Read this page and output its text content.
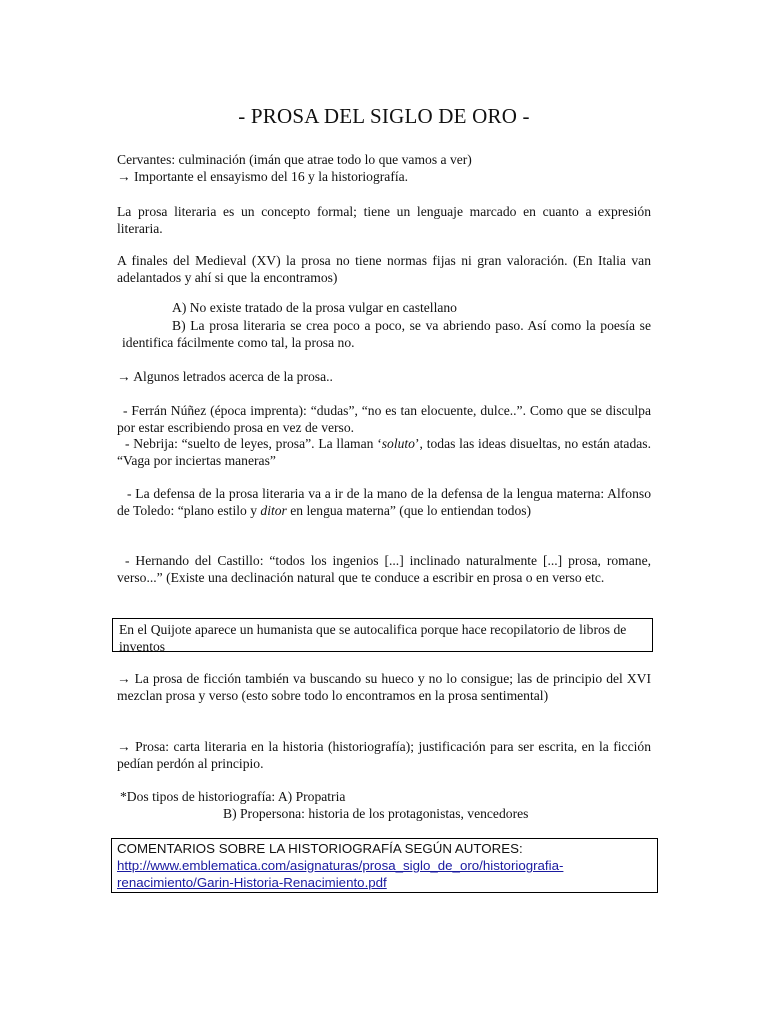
- PROSA DEL SIGLO DE ORO -
Cervantes: culminación (imán que atrae todo lo que vamos a ver)
→ Importante el ensayismo del 16 y la historiografía.
La prosa literaria es un concepto formal; tiene un lenguaje marcado en cuanto a expresión literaria.
A finales del Medieval (XV) la prosa no tiene normas fijas ni gran valoración. (En Italia van adelantados y ahí si que la encontramos)
A) No existe tratado de la prosa vulgar en castellano
B) La prosa literaria se crea poco a poco, se va abriendo paso. Así como la poesía se identifica fácilmente como tal, la prosa no.
→ Algunos letrados acerca de la prosa..
- Ferrán Núñez (época imprenta): “dudas”, “no es tan elocuente, dulce..”. Como que se disculpa por estar escribiendo prosa en vez de verso.
- Nebrija: “suelto de leyes, prosa”. La llaman ‘soluto’, todas las ideas disueltas, no están atadas. “Vaga por inciertas maneras”
- La defensa de la prosa literaria va a ir de la mano de la defensa de la lengua materna: Alfonso de Toledo: “plano estilo y ditor en lengua materna” (que lo entiendan todos)
- Hernando del Castillo: “todos los ingenios [...] inclinado naturalmente [...] prosa, romane, verso...” (Existe una declinación natural que te conduce a escribir en prosa o en verso etc.
En el Quijote aparece un humanista que se autocalifica porque hace recopilatorio de libros de inventos
→ La prosa de ficción también va buscando su hueco y no lo consigue; las de principio del XVI mezclan prosa y verso (esto sobre todo lo encontramos en la prosa sentimental)
→ Prosa: carta literaria en la historia (historiografía); justificación para ser escrita, en la ficción pedían perdón al principio.
*Dos tipos de historiografía: A) Propatria
B) Propersona: historia de los protagonistas, vencedores
COMENTARIOS SOBRE LA HISTORIOGRAFÍA SEGÚN AUTORES:
http://www.emblematica.com/asignaturas/prosa_siglo_de_oro/historiografia-
renacimiento/Garin-Historia-Renacimiento.pdf
